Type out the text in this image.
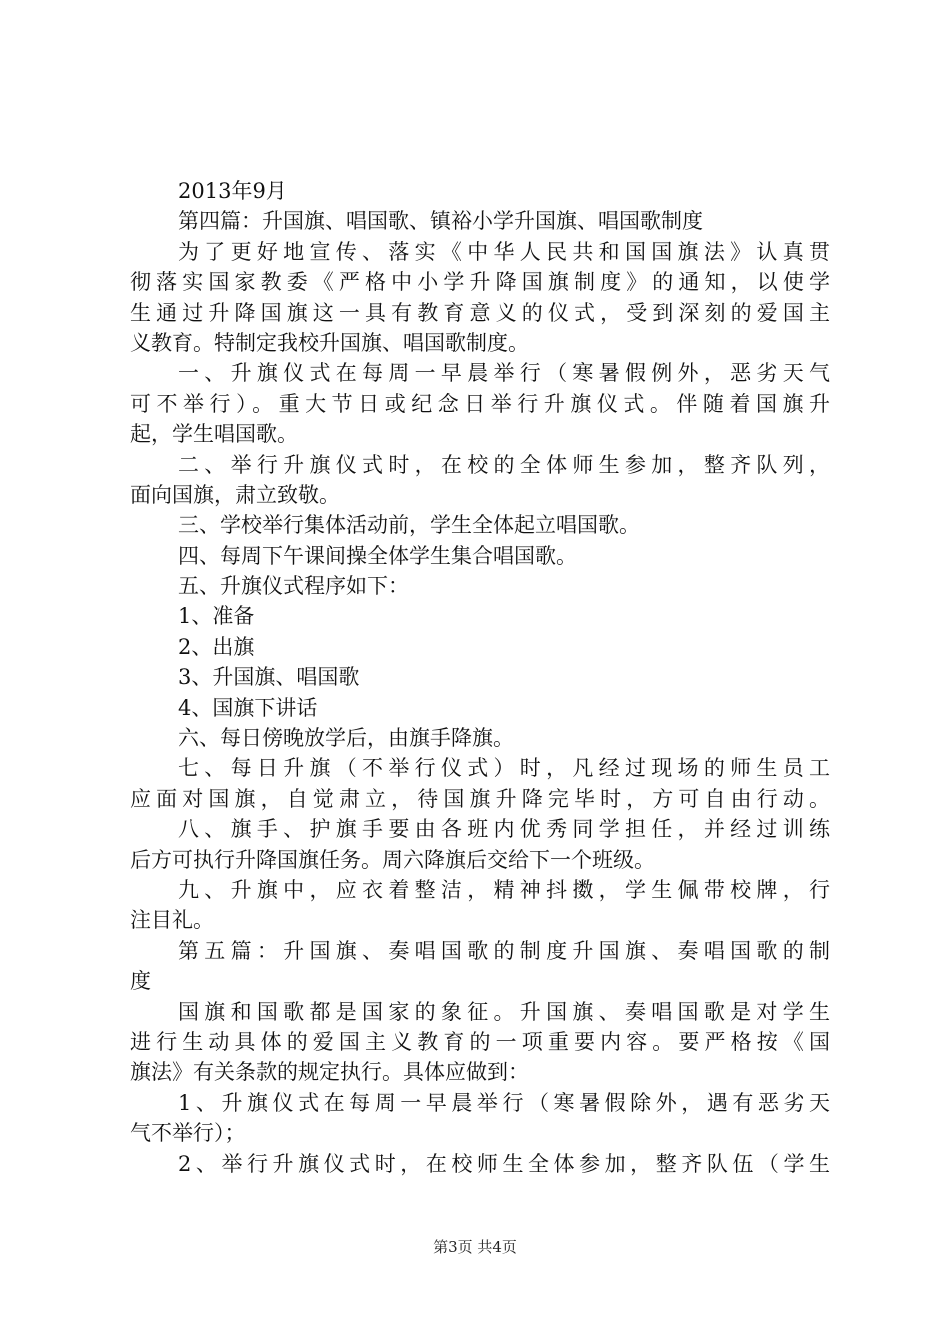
2013年9月
第四篇：升国旗、唱国歌、镇裕小学升国旗、唱国歌制度
为了更好地宣传、落实《中华人民共和国国旗法》认真贯
彻落实国家教委《严格中小学升降国旗制度》的通知，以使学
生通过升降国旗这一具有教育意义的仪式，受到深刻的爱国主
义教育。特制定我校升国旗、唱国歌制度。
一、升旗仪式在每周一早晨举行（寒暑假例外，恶劣天气
可不举行）。重大节日或纪念日举行升旗仪式。伴随着国旗升
起，学生唱国歌。
二、举行升旗仪式时，在校的全体师生参加，整齐队列，
面向国旗，肃立致敬。
三、学校举行集体活动前，学生全体起立唱国歌。
四、每周下午课间操全体学生集合唱国歌。
五、升旗仪式程序如下：
1、准备
2、出旗
3、升国旗、唱国歌
4、国旗下讲话
六、每日傍晚放学后，由旗手降旗。
七、每日升旗（不举行仪式）时，凡经过现场的师生员工
应面对国旗，自觉肃立，待国旗升降完毕时，方可自由行动。
八、旗手、护旗手要由各班内优秀同学担任，并经过训练
后方可执行升降国旗任务。周六降旗后交给下一个班级。
九、升旗中，应衣着整洁，精神抖擞，学生佩带校牌，行
注目礼。
第五篇：升国旗、奏唱国歌的制度升国旗、奏唱国歌的制
度
国旗和国歌都是国家的象征。升国旗、奏唱国歌是对学生
进行生动具体的爱国主义教育的一项重要内容。要严格按《国
旗法》有关条款的规定执行。具体应做到：
1、升旗仪式在每周一早晨举行（寒暑假除外，遇有恶劣天
气不举行）；
2、举行升旗仪式时，在校师生全体参加，整齐队伍（学生
第3页 共4页
